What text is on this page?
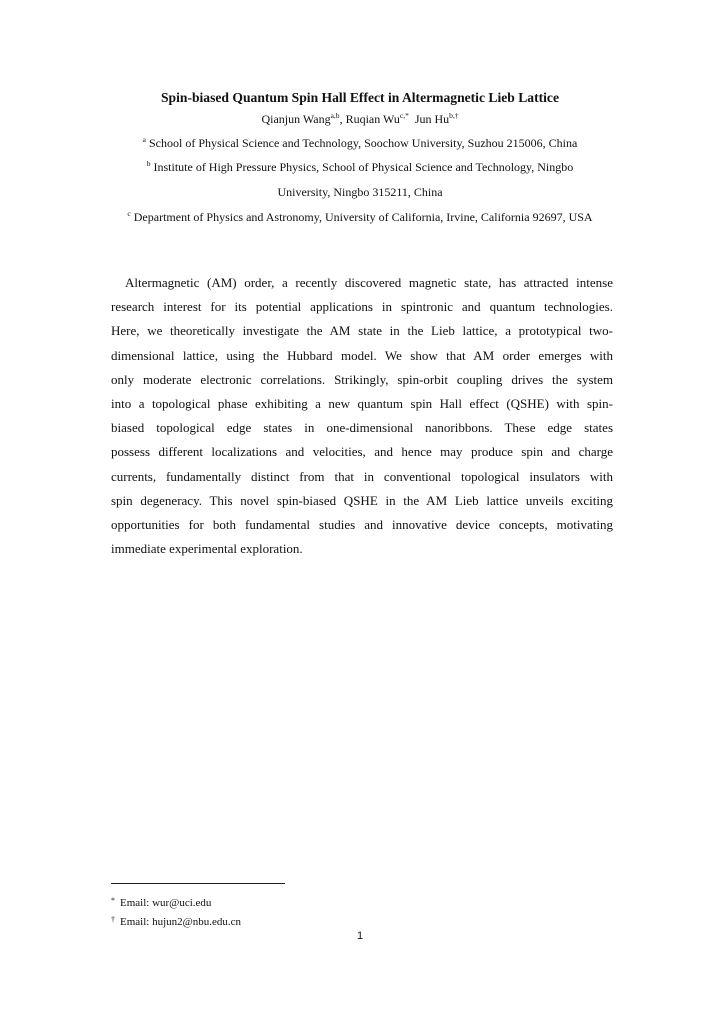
Spin-biased Quantum Spin Hall Effect in Altermagnetic Lieb Lattice
Qianjun Wang$^{a,b}$, Ruqian $Wu^{c,*}$ Jun $Hu^{b,\dagger}$
$^a$ School of Physical Science and Technology, Soochow University, Suzhou 215006, China
$^b$ Institute of High Pressure Physics, School of Physical Science and Technology, Ningbo
University, Ningbo 315211, China
$^c$ Department of Physics and Astronomy, University of California, Irvine, California 92697, USA
Altermagnetic (AM) order, a recently discovered magnetic state, has attracted intense
research interest for its potential applications in spintronic and quantum technologies.
Here, we theoretically investigate the AM state in the Lieb lattice, a prototypical two-
dimensional lattice, using the Hubbard model. We show that AM order emerges with
only moderate electronic correlations. Strikingly, spin-orbit coupling drives the system
into a topological phase exhibiting a new quantum spin Hall effect (QSHE) with spin-
biased topological edge states in one-dimensional nanoribbons. These edge states
possess different localizations and velocities, and hence may produce spin and charge
currents, fundamentally distinct from that in conventional topological insulators with
spin degeneracy. This novel spin-biased QSHE in the AM Lieb lattice unveils exciting
opportunities for both fundamental studies and innovative device concepts, motivating
immediate experimental exploration.
* Email: wur@uci.edu
† Email: hujun2@nbu.edu.cn
1
